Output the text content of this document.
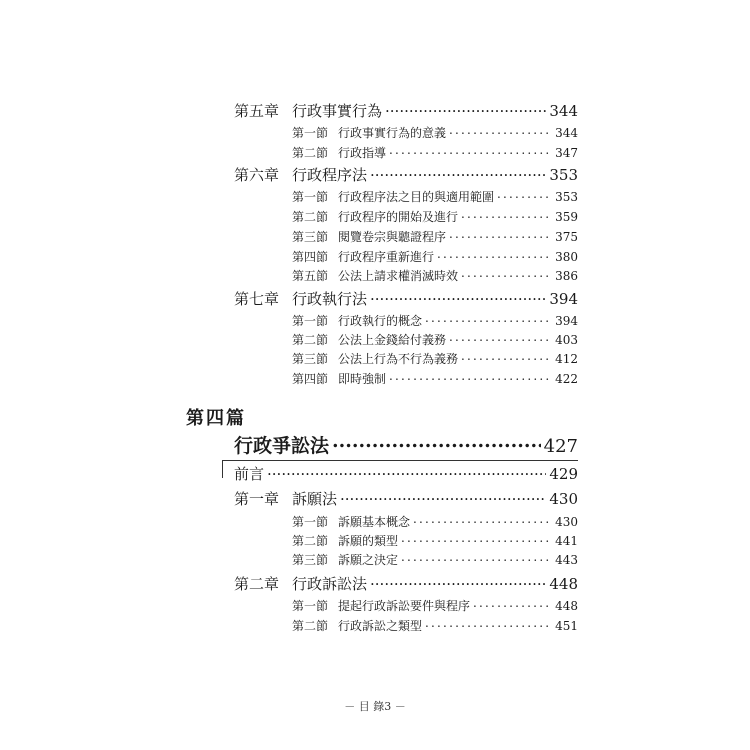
第五章 行政事實行為 .....	344
第一節 行政事實行為的意義 .....	344
第二節 行政指導 .....	347
第六章 行政程序法 .....	353
第一節 行政程序法之目的與適用範圍 .....	353
第二節 行政程序的開始及進行 .....	359
第三節 閱覽卷宗與聽證程序 .....	375
第四節 行政程序重新進行 .....	380
第五節 公法上請求權消滅時效 .....	386
第七章 行政執行法 .....	394
第一節 行政執行的概念 .....	394
第二節 公法上金錢給付義務 .....	403
第三節 公法上行為不行為義務 .....	412
第四節 即時強制 .....	422
第四篇
行政爭訟法 .....	427
前言 .....	429
第一章 訴願法 .....	430
第一節 訴願基本概念 .....	430
第二節 訴願的類型 .....	441
第三節 訴願之決定 .....	443
第二章 行政訴訟法 .....	448
第一節 提起行政訴訟要件與程序 .....	448
第二節 行政訴訟之類型 .....	451
－ 目 錄3 －
